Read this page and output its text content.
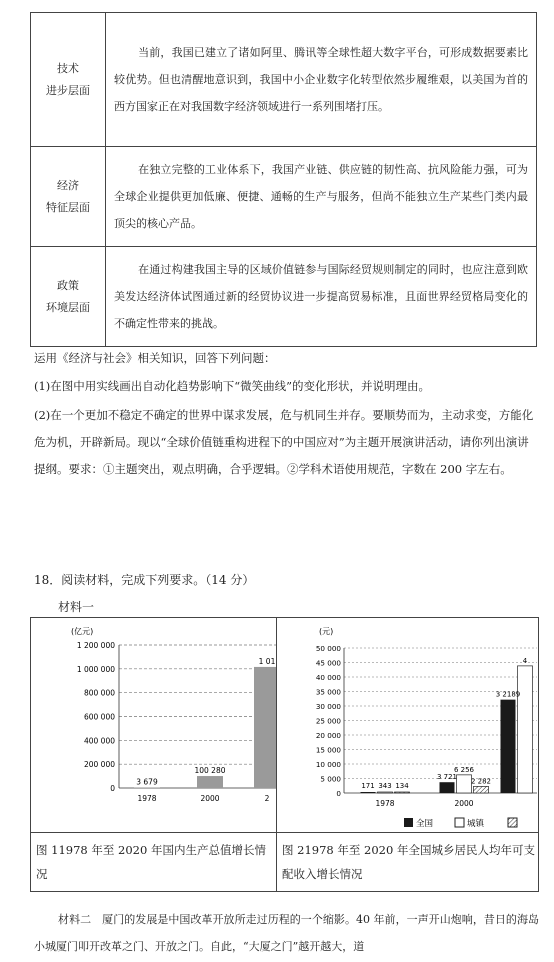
技术
进步层面	当前，我国已建立了诸如阿里、腾讯等全球性超大数字平台，可形成数据要素比较优势。但也清醒地意识到，我国中小企业数字化转型依然步履维艰，以美国为首的西方国家正在对我国数字经济领域进行一系列围堵打压。
经济
特征层面	在独立完整的工业体系下，我国产业链、供应链的韧性高、抗风险能力强，可为全球企业提供更加低廉、便捷、通畅的生产与服务，但尚不能独立生产某些门类内最顶尖的核心产品。
政策
环境层面	在通过构建我国主导的区域价值链参与国际经贸规则制定的同时，也应注意到欧美发达经济体试图通过新的经贸协议进一步提高贸易标准，且面世界经贸格局变化的不确定性带来的挑战。
运用《经济与社会》相关知识，回答下列问题：
(1)在图中用实线画出自动化趋势影响下“微笑曲线”的变化形状，并说明理由。
(2)在一个更加不稳定不确定的世界中谋求发展，危与机同生并存。要顺势而为，主动求变，方能化危为机，开辟新局。现以“全球价值链重构进程下的中国应对”为主题开展演讲活动，请你列出演讲提纲。要求：①主题突出，观点明确，合乎逻辑。②学科术语使用规范，字数在 200 字左右。
18．阅读材料，完成下列要求。（14 分）
材料一
(亿元)
1 200 000
1 000 000
800 000
600 000
400 000
200 000
0
3 679
100 280
1 01
1978	2000	2
(元)
50 000
45 000
40 000
35 000
30 000
25 000
20 000
15 000
10 000
5 000
0
171
3 721
3 2189
343
6 256
4
134
2 282
1978	2000
全国	城镇
图 11978 年至 2020 年国内生产总值增长情况
图 21978 年至 2020 年全国城乡居民人均年可支配收入增长情况
材料二　厦门的发展是中国改革开放所走过历程的一个缩影。40 年前，一声开山炮响，昔日的海岛小城厦门叩开改革之门、开放之门。自此，“大厦之门”越开越大，道
